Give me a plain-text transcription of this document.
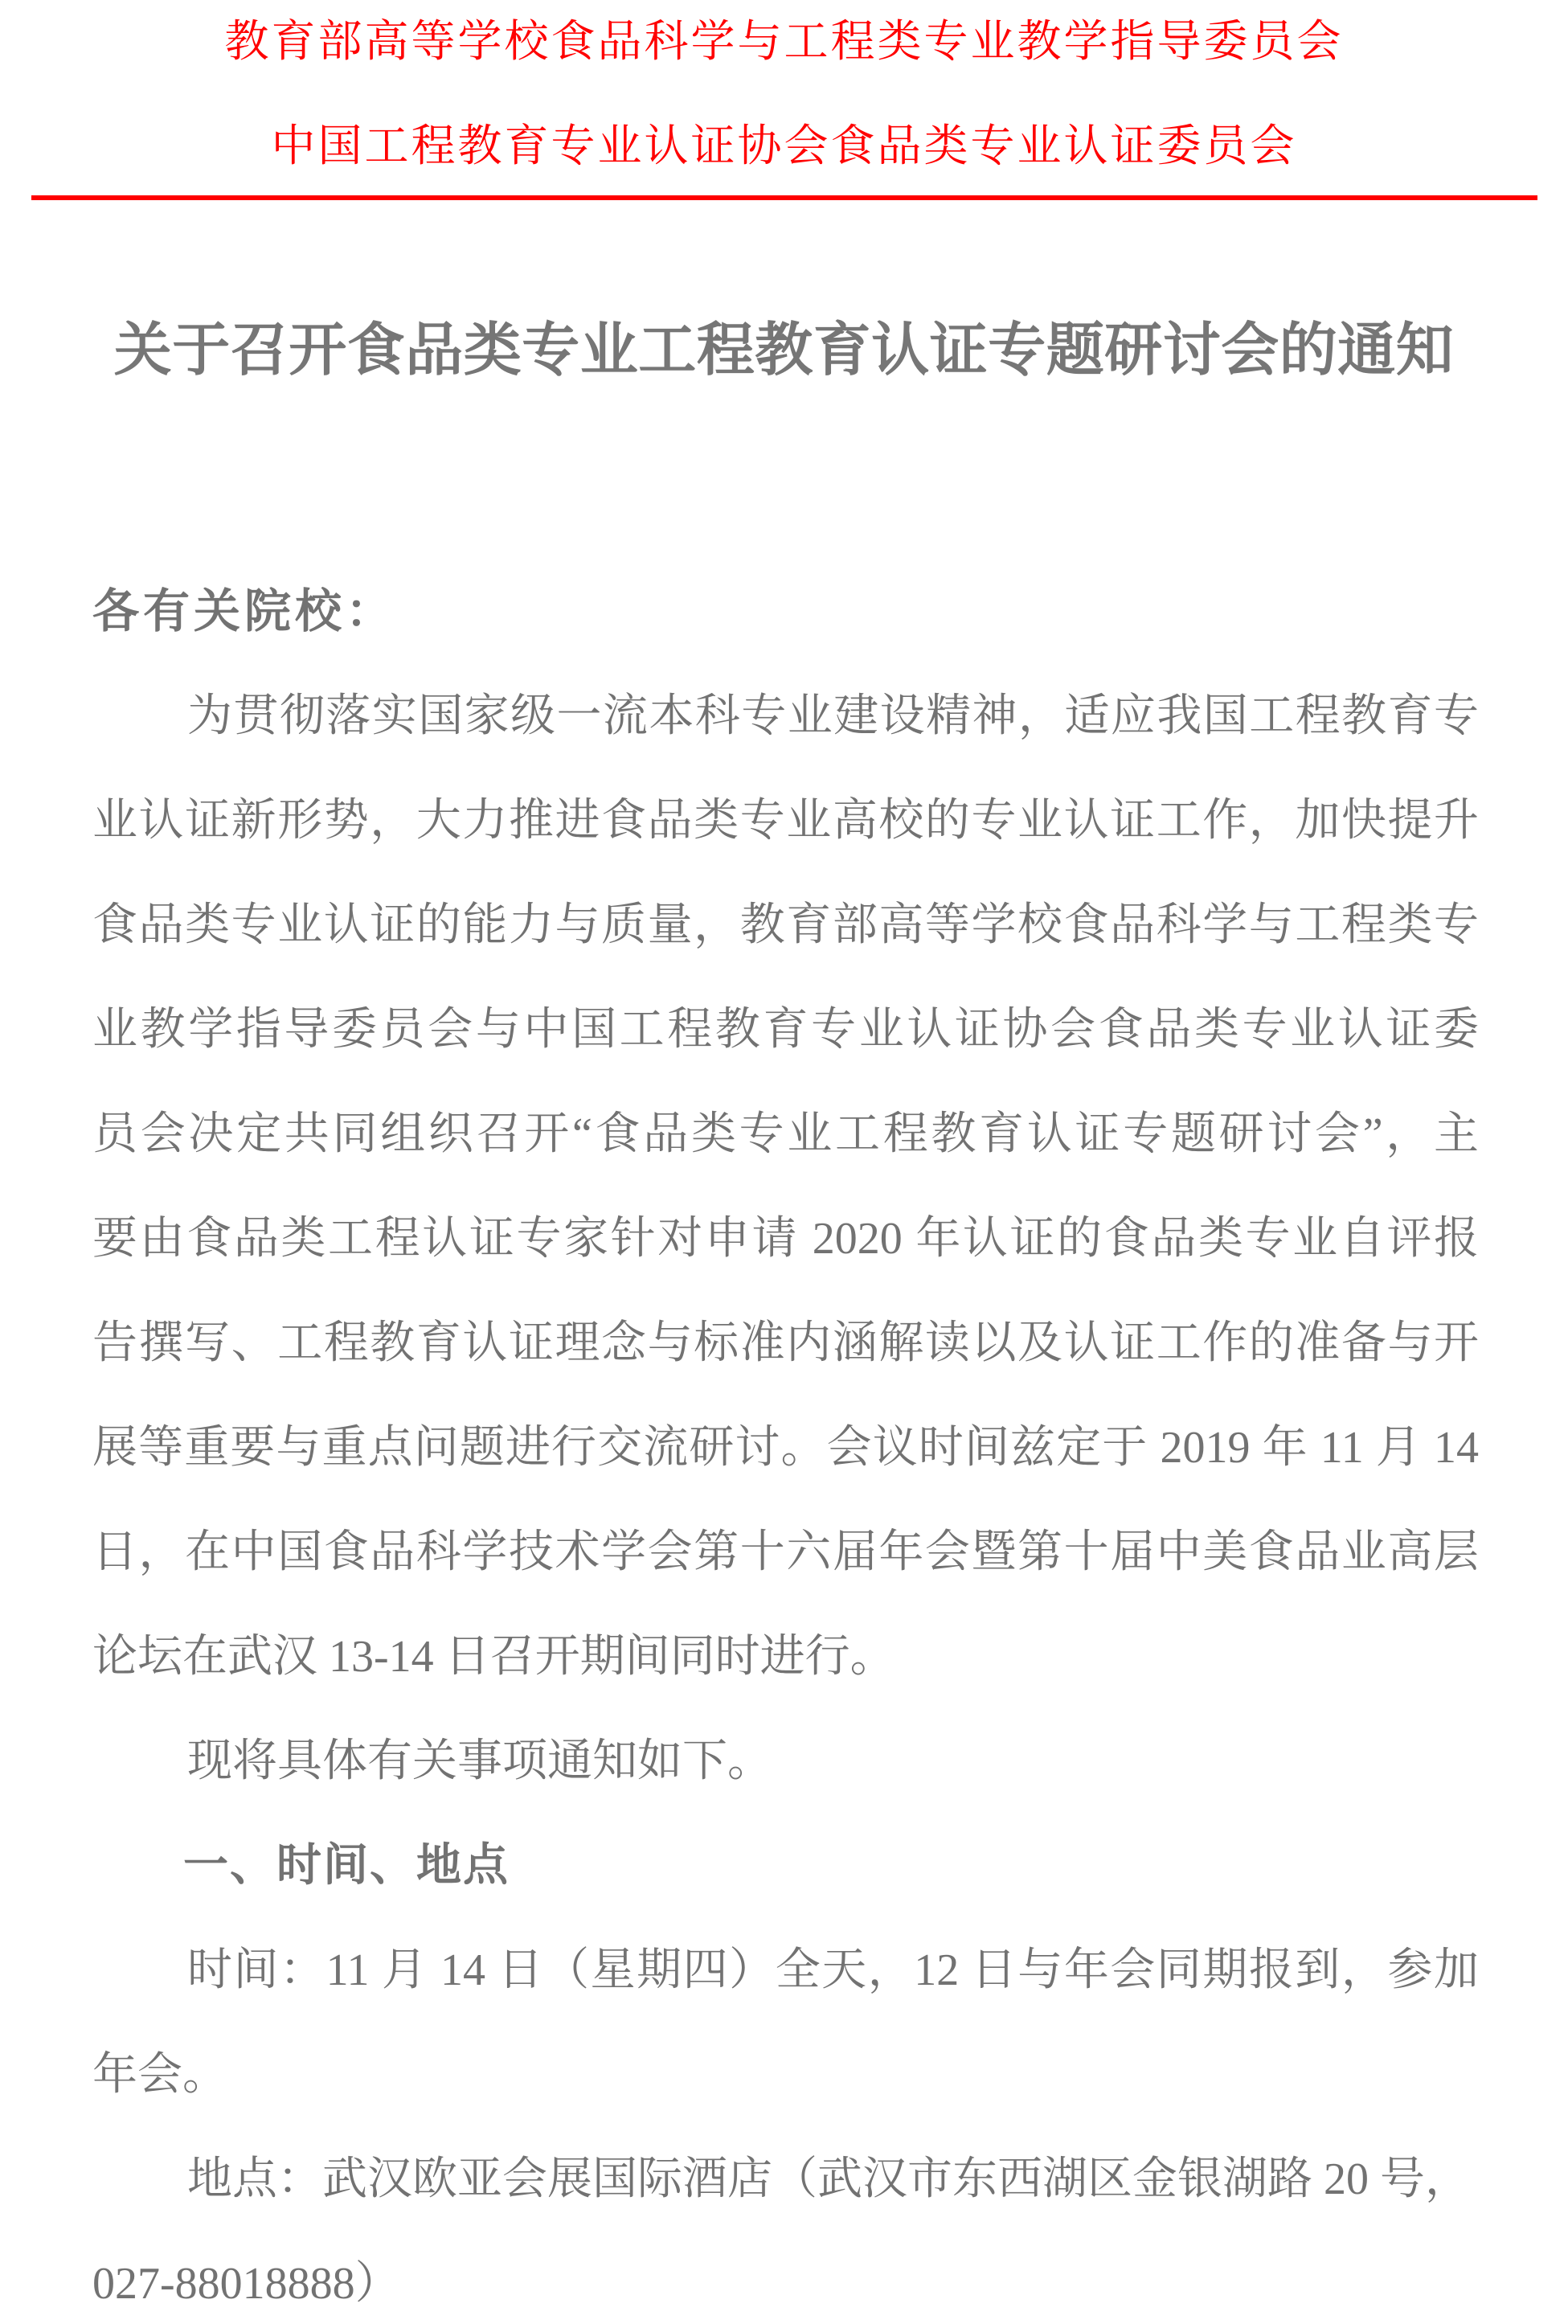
教育部高等学校食品科学与工程类专业教学指导委员会
中国工程教育专业认证协会食品类专业认证委员会
关于召开食品类专业工程教育认证专题研讨会的通知
各有关院校：
为贯彻落实国家级一流本科专业建设精神，适应我国工程教育专
业认证新形势，大力推进食品类专业高校的专业认证工作，加快提升
食品类专业认证的能力与质量，教育部高等学校食品科学与工程类专
业教学指导委员会与中国工程教育专业认证协会食品类专业认证委
员会决定共同组织召开“食品类专业工程教育认证专题研讨会”，主
要由食品类工程认证专家针对申请 2020 年认证的食品类专业自评报
告撰写、工程教育认证理念与标准内涵解读以及认证工作的准备与开
展等重要与重点问题进行交流研讨。会议时间兹定于 2019 年 11 月 14
日，在中国食品科学技术学会第十六届年会暨第十届中美食品业高层
论坛在武汉 13-14 日召开期间同时进行。
现将具体有关事项通知如下。
一、时间、地点
时间：11 月 14 日（星期四）全天，12 日与年会同期报到，参加
年会。
地点：武汉欧亚会展国际酒店（武汉市东西湖区金银湖路 20 号，
027-88018888）
